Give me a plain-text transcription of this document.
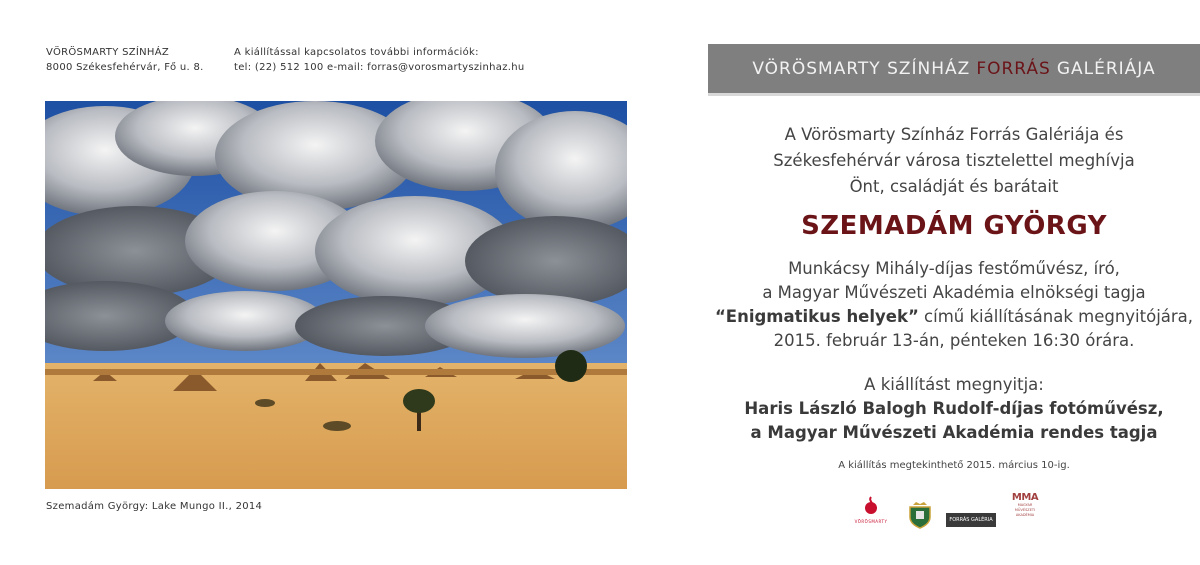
VÖRÖSMARTY SZÍNHÁZ
8000 Székesfehérvár, Fő u. 8.
A kiállítással kapcsolatos további információk:
tel: (22) 512 100 e-mail: forras@vorosmartyszinhaz.hu
Szemadám György: Lake Mungo II., 2014
VÖRÖSMARTY SZÍNHÁZ FORRÁS GALÉRIÁJA
A Vörösmarty Színház Forrás Galériája és
Székesfehérvár városa tisztelettel meghívja
Önt, családját és barátait
SZEMADÁM GYÖRGY
Munkácsy Mihály-díjas festőművész, író,
a Magyar Művészeti Akadémia elnökségi tagja
“Enigmatikus helyek” című kiállításának megnyitójára,
2015. február 13-án, pénteken 16:30 órára.
A kiállítást megnyitja:
Haris László Balogh Rudolf-díjas fotóművész,
a Magyar Művészeti Akadémia rendes tagja
A kiállítás megtekinthető 2015. március 10-ig.
VÖRÖSMARTY	FORRÁS GALÉRIA
MMA
MAGYAR MŰVÉSZETI AKADÉMIA
